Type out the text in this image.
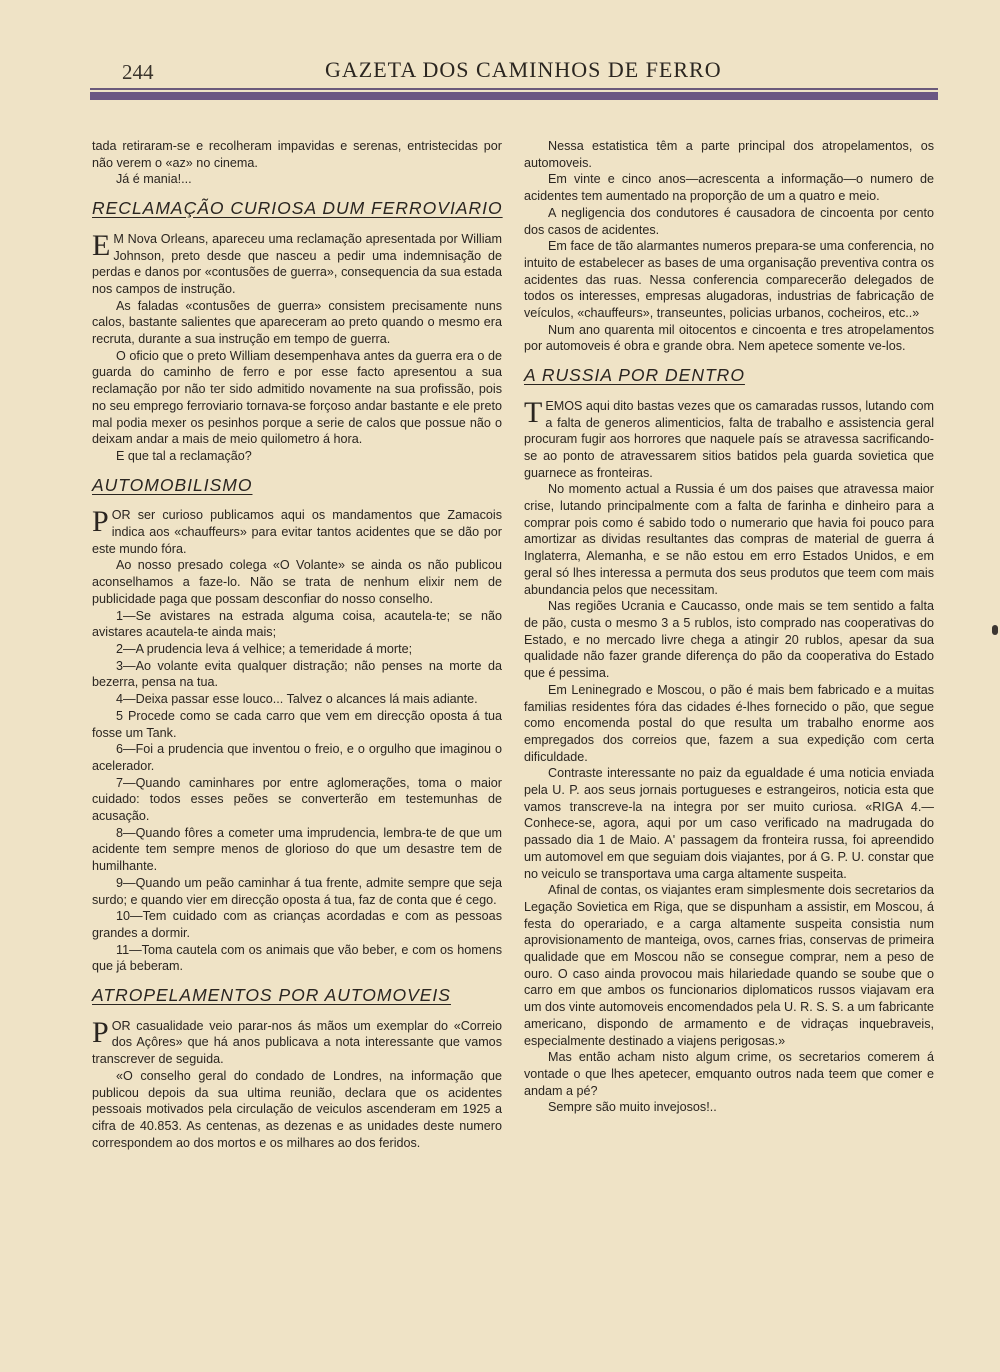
244	GAZETA DOS CAMINHOS DE FERRO

tada retiraram-se e recolheram impavidas e serenas, entristecidas por não verem o «az» no cinema.

Já é mania!...

RECLAMAÇÃO CURIOSA DUM FERROVIARIO

E M Nova Orleans, apareceu uma reclamação apresentada por William Johnson, preto desde que nasceu a pedir uma indemnisação de perdas e danos por «contusões de guerra», consequencia da sua estada nos campos de instrução.

As faladas «contusões de guerra» consistem precisamente nuns calos, bastante salientes que apareceram ao preto quando o mesmo era recruta, durante a sua instrução em tempo de guerra.

O oficio que o preto William desempenhava antes da guerra era o de guarda do caminho de ferro e por esse facto apresentou a sua reclamação por não ter sido admitido novamente na sua profissão, pois no seu emprego ferroviario tornava-se forçoso andar bastante e ele preto mal podia mexer os pesinhos porque a serie de calos que possue não o deixam andar a mais de meio quilometro á hora.

E que tal a reclamação?

AUTOMOBILISMO

POR ser curioso publicamos aqui os mandamentos que Zamacois indica aos «chauffeurs» para evitar tantos acidentes que se dão por este mundo fóra.

Ao nosso presado colega «O Volante» se ainda os não publicou aconselhamos a faze-lo. Não se trata de nenhum elixir nem de publicidade paga que possam desconfiar do nosso conselho.

1—Se avistares na estrada alguma coisa, acautela-te; se não avistares acautela-te ainda mais;

2—A prudencia leva á velhice; a temeridade á morte;

3—Ao volante evita qualquer distração; não penses na morte da bezerra, pensa na tua.

4—Deixa passar esse louco... Talvez o alcances lá mais adiante.

5 Procede como se cada carro que vem em direcção oposta á tua fosse um Tank.

6—Foi a prudencia que inventou o freio, e o orgulho que imaginou o acelerador.

7—Quando caminhares por entre aglomerações, toma o maior cuidado: todos esses peões se converterão em testemunhas de acusação.

8—Quando fôres a cometer uma imprudencia, lembra-te de que um acidente tem sempre menos de glorioso do que um desastre tem de humilhante.

9—Quando um peão caminhar á tua frente, admite sempre que seja surdo; e quando vier em direcção oposta á tua, faz de conta que é cego.

10—Tem cuidado com as crianças acordadas e com as pessoas grandes a dormir.

11—Toma cautela com os animais que vão beber, e com os homens que já beberam.

ATROPELAMENTOS POR AUTOMOVEIS

POR casualidade veio parar-nos ás mãos um exemplar do «Correio dos Açôres» que há anos publicava a nota interessante que vamos transcrever de seguida.

«O conselho geral do condado de Londres, na informação que publicou depois da sua ultima reunião, declara que os acidentes pessoais motivados pela circulação de veiculos ascenderam em 1925 a cifra de 40.853. As centenas, as dezenas e as unidades deste numero correspondem ao dos mortos e os milhares ao dos feridos.

Nessa estatistica têm a parte principal dos atropelamentos, os automoveis.

Em vinte e cinco anos—acrescenta a informação—o numero de acidentes tem aumentado na proporção de um a quatro e meio.

A negligencia dos condutores é causadora de cincoenta por cento dos casos de acidentes.

Em face de tão alarmantes numeros prepara-se uma conferencia, no intuito de estabelecer as bases de uma organisação preventiva contra os acidentes das ruas. Nessa conferencia comparecerão delegados de todos os interesses, empresas alugadoras, industrias de fabricação de veículos, «chauffeurs», transeuntes, policias urbanos, cocheiros, etc..»

Num ano quarenta mil oitocentos e cincoenta e tres atropelamentos por automoveis é obra e grande obra. Nem apetece somente ve-los.

A RUSSIA POR DENTRO

TEMOS aqui dito bastas vezes que os camaradas russos, lutando com a falta de generos alimenticios, falta de trabalho e assistencia geral procuram fugir aos horrores que naquele país se atravessa sacrificando-se ao ponto de atravessarem sitios batidos pela guarda sovietica que guarnece as fronteiras.

No momento actual a Russia é um dos paises que atravessa maior crise, lutando principalmente com a falta de farinha e dinheiro para a comprar pois como é sabido todo o numerario que havia foi pouco para amortizar as dividas resultantes das compras de material de guerra á Inglaterra, Alemanha, e se não estou em erro Estados Unidos, e em geral só lhes interessa a permuta dos seus produtos que teem com mais abundancia pelos que necessitam.

Nas regiões Ucrania e Caucasso, onde mais se tem sentido a falta de pão, custa o mesmo 3 a 5 rublos, isto comprado nas cooperativas do Estado, e no mercado livre chega a atingir 20 rublos, apesar da sua qualidade não fazer grande diferença do pão da cooperativa do Estado que é pessima.

Em Leninegrado e Moscou, o pão é mais bem fabricado e a muitas familias residentes fóra das cidades é-lhes fornecido o pão, que segue como encomenda postal do que resulta um trabalho enorme aos empregados dos correios que, fazem a sua expedição com certa dificuldade.

Contraste interessante no paiz da egualdade é uma noticia enviada pela U. P. aos seus jornais portugueses e estrangeiros, noticia esta que vamos transcreve-la na integra por ser muito curiosa. «RIGA 4.— Conhece-se, agora, aqui por um caso verificado na madrugada do passado dia 1 de Maio. A' passagem da fronteira russa, foi apreendido um automovel em que seguiam dois viajantes, por á G. P. U. constar que no veiculo se transportava uma carga altamente suspeita.

Afinal de contas, os viajantes eram simplesmente dois secretarios da Legação Sovietica em Riga, que se dispunham a assistir, em Moscou, á festa do operariado, e a carga altamente suspeita consistia num aprovisionamento de manteiga, ovos, carnes frias, conservas de primeira qualidade que em Moscou não se consegue comprar, nem a peso de ouro. O caso ainda provocou mais hilariedade quando se soube que o carro em que ambos os funcionarios diplomaticos russos viajavam era um dos vinte automoveis encomendados pela U. R. S. S. a um fabricante americano, dispondo de armamento e de vidraças inquebraveis, especialmente destinado a viajens perigosas.»

Mas então acham nisto algum crime, os secretarios comerem á vontade o que lhes apetecer, emquanto outros nada teem que comer e andam a pé?

Sempre são muito invejosos!..
